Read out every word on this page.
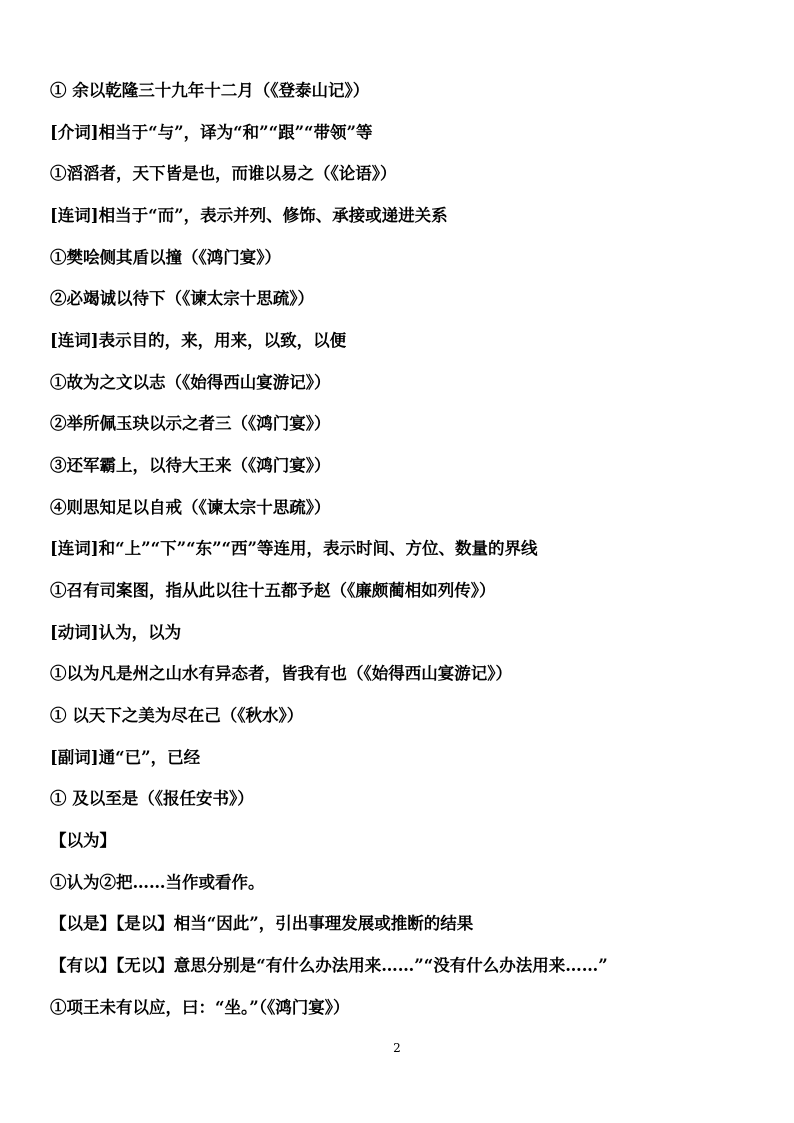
① 余以乾隆三十九年十二月（《登泰山记》）
[介词]相当于“与”，译为“和”“跟”“带领”等
①滔滔者，天下皆是也，而谁以易之（《论语》）
[连词]相当于“而”，表示并列、修饰、承接或递进关系
①樊哙侧其盾以撞（《鸿门宴》）
②必竭诚以待下（《谏太宗十思疏》）
[连词]表示目的，来，用来，以致，以便
①故为之文以志（《始得西山宴游记》）
②举所佩玉玦以示之者三（《鸿门宴》）
③还军霸上，以待大王来（《鸿门宴》）
④则思知足以自戒（《谏太宗十思疏》）
[连词]和“上”“下”“东”“西”等连用，表示时间、方位、数量的界线
①召有司案图，指从此以往十五都予赵（《廉颇蔺相如列传》）
[动词]认为，以为
①以为凡是州之山水有异态者，皆我有也（《始得西山宴游记》）
① 以天下之美为尽在己（《秋水》）
[副词]通“已”，已经
① 及以至是（《报任安书》）
【以为】
①认为②把……当作或看作。
【以是】【是以】相当“因此”，引出事理发展或推断的结果
【有以】【无以】意思分别是“有什么办法用来……”“没有什么办法用来……”
①项王未有以应，曰：“坐。”（《鸿门宴》）
2
